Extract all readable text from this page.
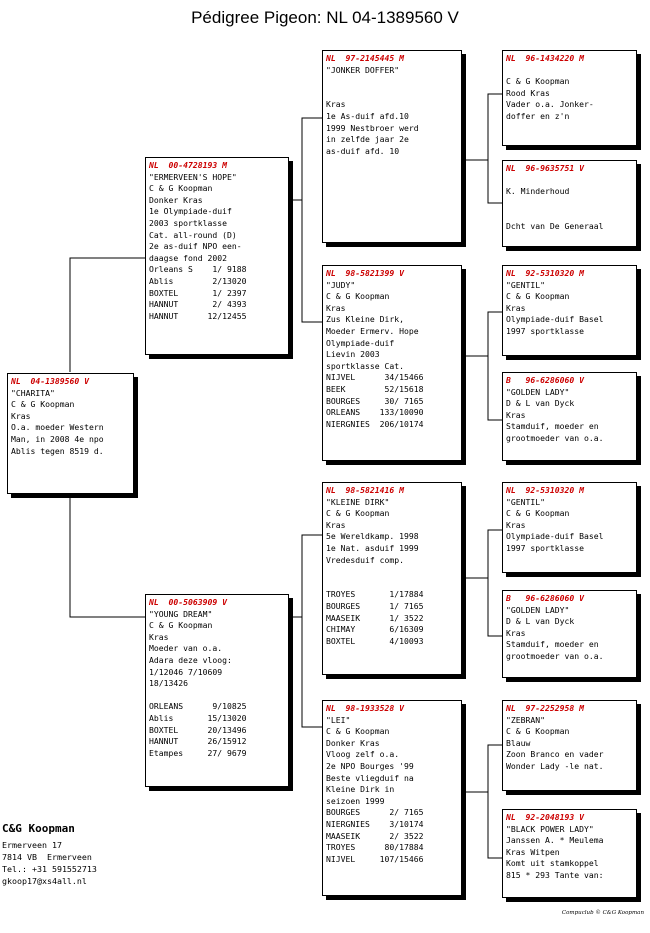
Pédigree Pigeon: NL 04-1389560 V
NL  04-1389560 V
"CHARITA"
C & G Koopman
Kras
O.a. moeder Western
Man, in 2008 4e npo
Ablis tegen 8519 d.
NL  00-4728193 M
"ERMERVEEN'S HOPE"
C & G Koopman
Donker Kras
1e Olympiade-duif
2003 sportklasse
Cat. all-round (D)
2e as-duif NPO een-
daagse fond 2002
Orleans S    1/ 9188
Ablis        2/13020
BOXTEL       1/ 2397
HANNUT       2/ 4393
HANNUT      12/12455
NL  00-5063909 V
"YOUNG DREAM"
C & G Koopman
Kras
Moeder van o.a.
Adara deze vloog:
1/12046 7/10609
18/13426
ORLEANS      9/10825
Ablis       15/13020
BOXTEL      20/13496
HANNUT      26/15912
Etampes     27/ 9679
NL  97-2145445 M
"JONKER DOFFER"
Kras
1e As-duif afd.10
1999 Nestbroer werd
in zelfde jaar 2e
as-duif afd. 10
NL  98-5821399 V
"JUDY"
C & G Koopman
Kras
Zus Kleine Dirk,
Moeder Ermerv. Hope
Olympiade-duif
Lievin 2003
sportklasse Cat.
NIJVEL      34/15466
BEEK        52/15618
BOURGES     30/ 7165
ORLEANS    133/10090
NIERGNIES  206/10174
NL  98-5821416 M
"KLEINE DIRK"
C & G Koopman
Kras
5e Wereldkamp. 1998
1e Nat. asduif 1999
Vredesduif comp.
TROYES       1/17884
BOURGES      1/ 7165
MAASEIK      1/ 3522
CHIMAY       6/16309
BOXTEL       4/10093
NL  98-1933528 V
"LEI"
C & G Koopman
Donker Kras
Vloog zelf o.a.
2e NPO Bourges '99
Beste vliegduif na
Kleine Dirk in
seizoen 1999
BOURGES      2/ 7165
NIERGNIES    3/10174
MAASEIK      2/ 3522
TROYES      80/17884
NIJVEL     107/15466
NL  96-1434220 M
C & G Koopman
Rood Kras
Vader o.a. Jonker-
doffer en z'n
NL  96-9635751 V
K. Minderhoud
Dcht van De Generaal
NL  92-5310320 M
"GENTIL"
C & G Koopman
Kras
Olympiade-duif Basel
1997 sportklasse
B   96-6286060 V
"GOLDEN LADY"
D & L van Dyck
Kras
Stamduif, moeder en
grootmoeder van o.a.
NL  92-5310320 M
"GENTIL"
C & G Koopman
Kras
Olympiade-duif Basel
1997 sportklasse
B   96-6286060 V
"GOLDEN LADY"
D & L van Dyck
Kras
Stamduif, moeder en
grootmoeder van o.a.
NL  97-2252958 M
"ZEBRAN"
C & G Koopman
Blauw
Zoon Branco en vader
Wonder Lady -le nat.
NL  92-2048193 V
"BLACK POWER LADY"
Janssen A. * Meulema
Kras Witpen
Komt uit stamkoppel
815 * 293 Tante van:
C&G Koopman
Ermerveen 17
7814 VB  Ermerveen
Tel.: +31 591552713
gkoop17@xs4all.nl
Compuclub © C&G Koopman
